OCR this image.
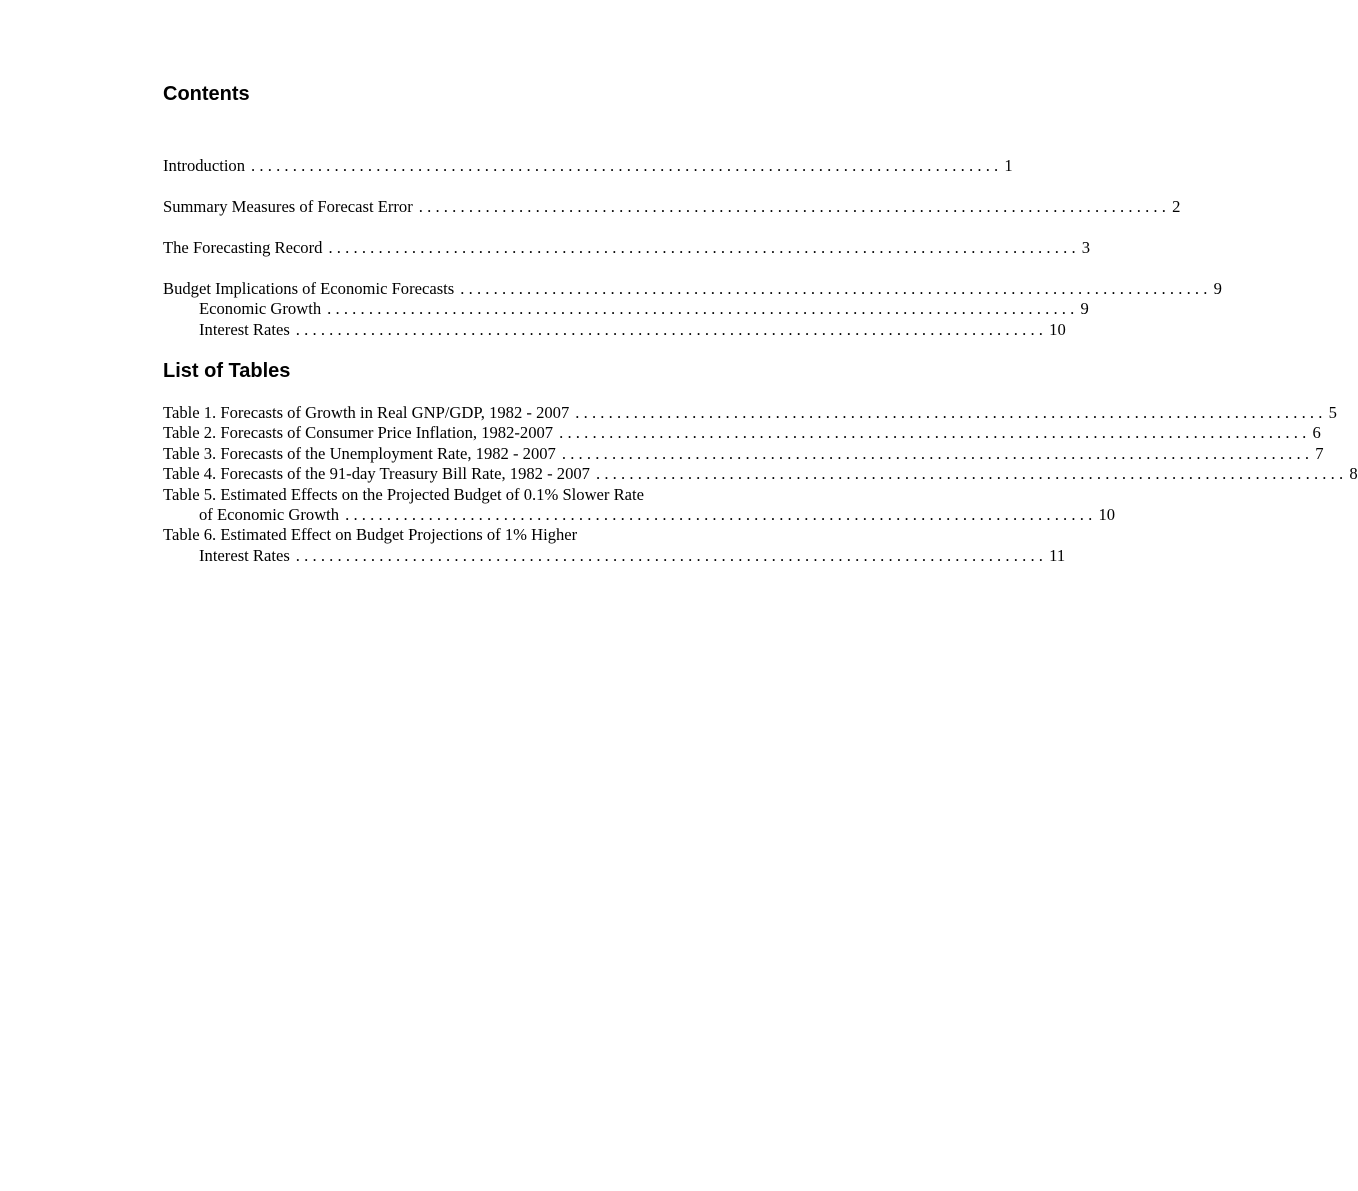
Contents
Introduction .......................................................................................... 1
Summary Measures of Forecast Error .......................................................................................... 2
The Forecasting Record .......................................................................................... 3
Budget Implications of Economic Forecasts .......................................................................................... 9
Economic Growth .......................................................................................... 9
Interest Rates .......................................................................................... 10
List of Tables
Table 1. Forecasts of Growth in Real GNP/GDP, 1982 - 2007 .......................................................................................... 5
Table 2. Forecasts of Consumer Price Inflation, 1982-2007 .......................................................................................... 6
Table 3. Forecasts of the Unemployment Rate, 1982 - 2007 .......................................................................................... 7
Table 4. Forecasts of the 91-day Treasury Bill Rate, 1982 - 2007 .......................................................................................... 8
Table 5. Estimated Effects on the Projected Budget of 0.1% Slower Rate
of Economic Growth .......................................................................................... 10
Table 6. Estimated Effect on Budget Projections of 1% Higher
Interest Rates .......................................................................................... 11
